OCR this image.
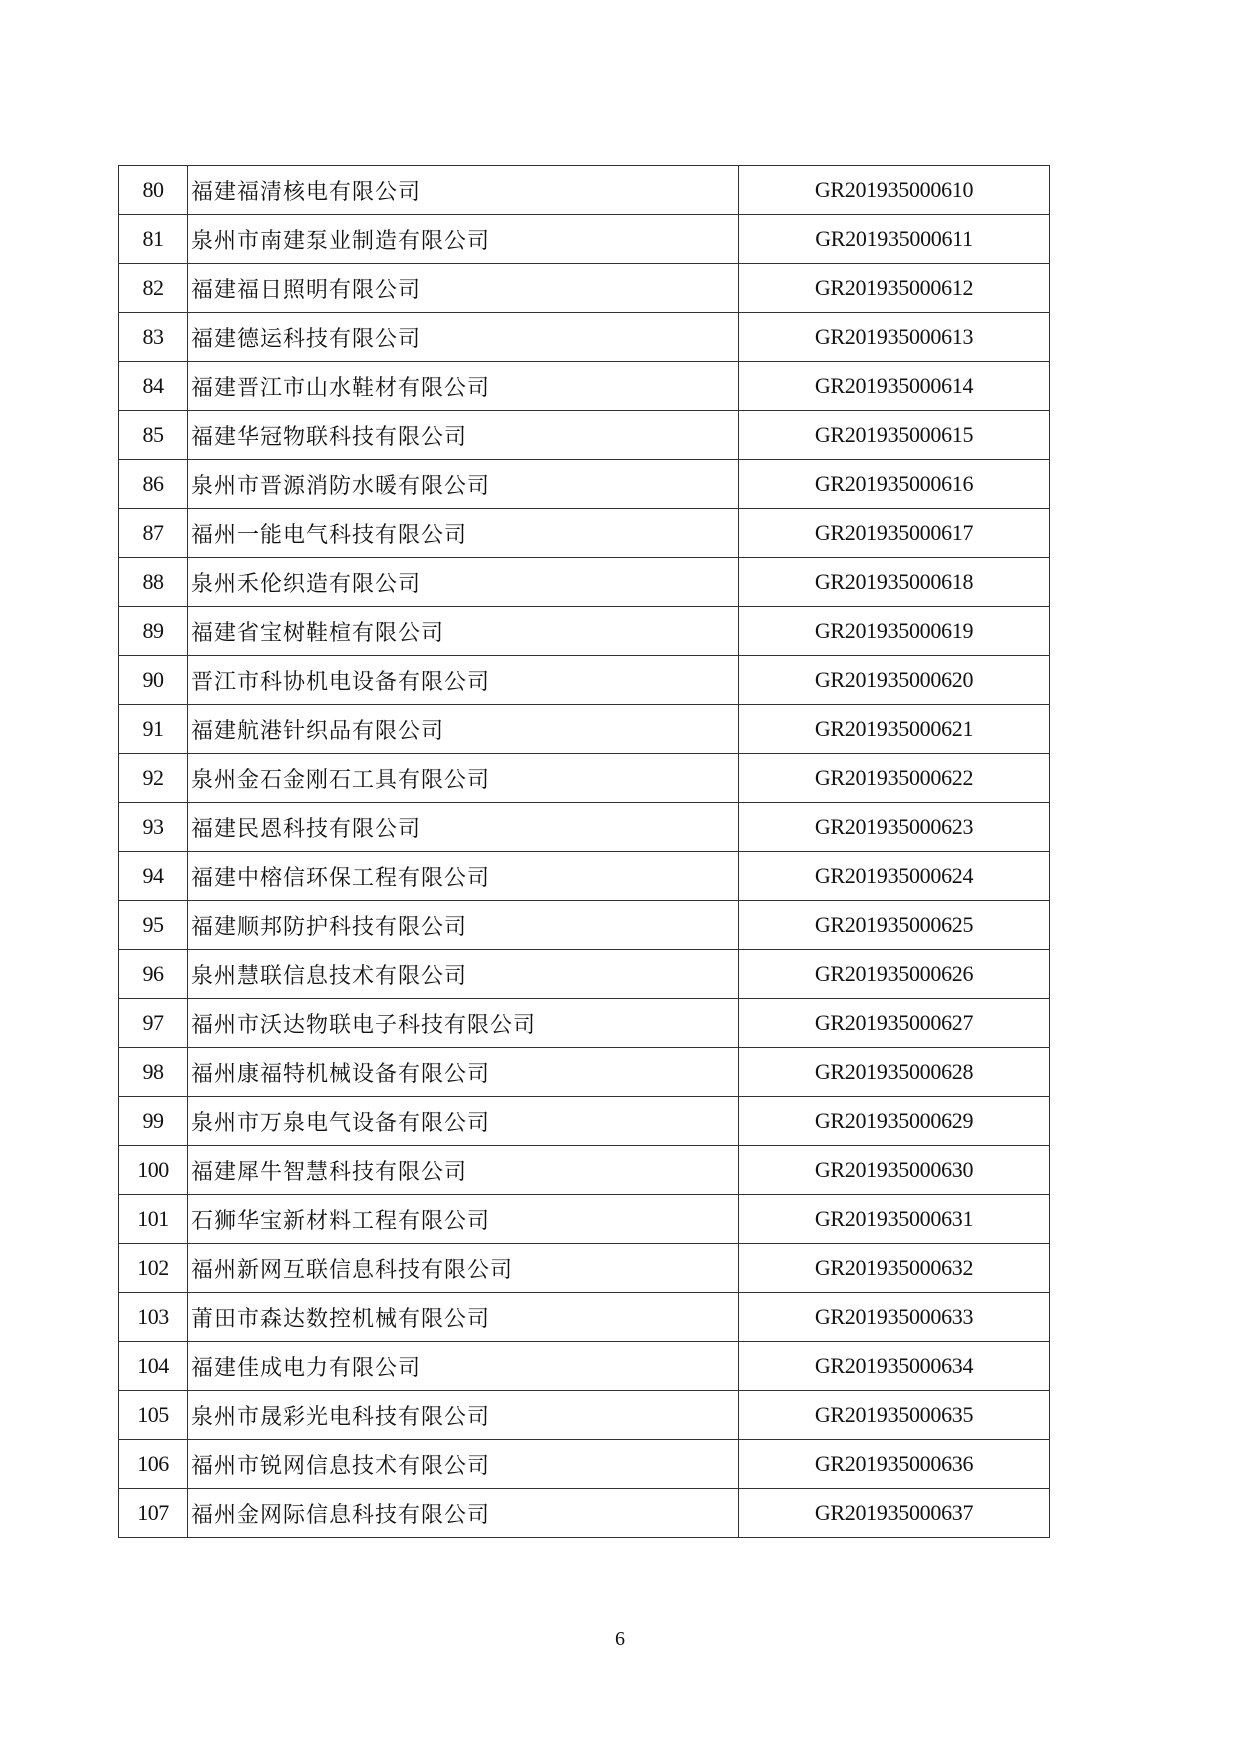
80	福建福清核电有限公司	GR201935000610
81	泉州市南建泵业制造有限公司	GR201935000611
82	福建福日照明有限公司	GR201935000612
83	福建德运科技有限公司	GR201935000613
84	福建晋江市山水鞋材有限公司	GR201935000614
85	福建华冠物联科技有限公司	GR201935000615
86	泉州市晋源消防水暖有限公司	GR201935000616
87	福州一能电气科技有限公司	GR201935000617
88	泉州禾伦织造有限公司	GR201935000618
89	福建省宝树鞋楦有限公司	GR201935000619
90	晋江市科协机电设备有限公司	GR201935000620
91	福建航港针织品有限公司	GR201935000621
92	泉州金石金刚石工具有限公司	GR201935000622
93	福建民恩科技有限公司	GR201935000623
94	福建中榕信环保工程有限公司	GR201935000624
95	福建顺邦防护科技有限公司	GR201935000625
96	泉州慧联信息技术有限公司	GR201935000626
97	福州市沃达物联电子科技有限公司	GR201935000627
98	福州康福特机械设备有限公司	GR201935000628
99	泉州市万泉电气设备有限公司	GR201935000629
100	福建犀牛智慧科技有限公司	GR201935000630
101	石狮华宝新材料工程有限公司	GR201935000631
102	福州新网互联信息科技有限公司	GR201935000632
103	莆田市森达数控机械有限公司	GR201935000633
104	福建佳成电力有限公司	GR201935000634
105	泉州市晟彩光电科技有限公司	GR201935000635
106	福州市锐网信息技术有限公司	GR201935000636
107	福州金网际信息科技有限公司	GR201935000637
6
